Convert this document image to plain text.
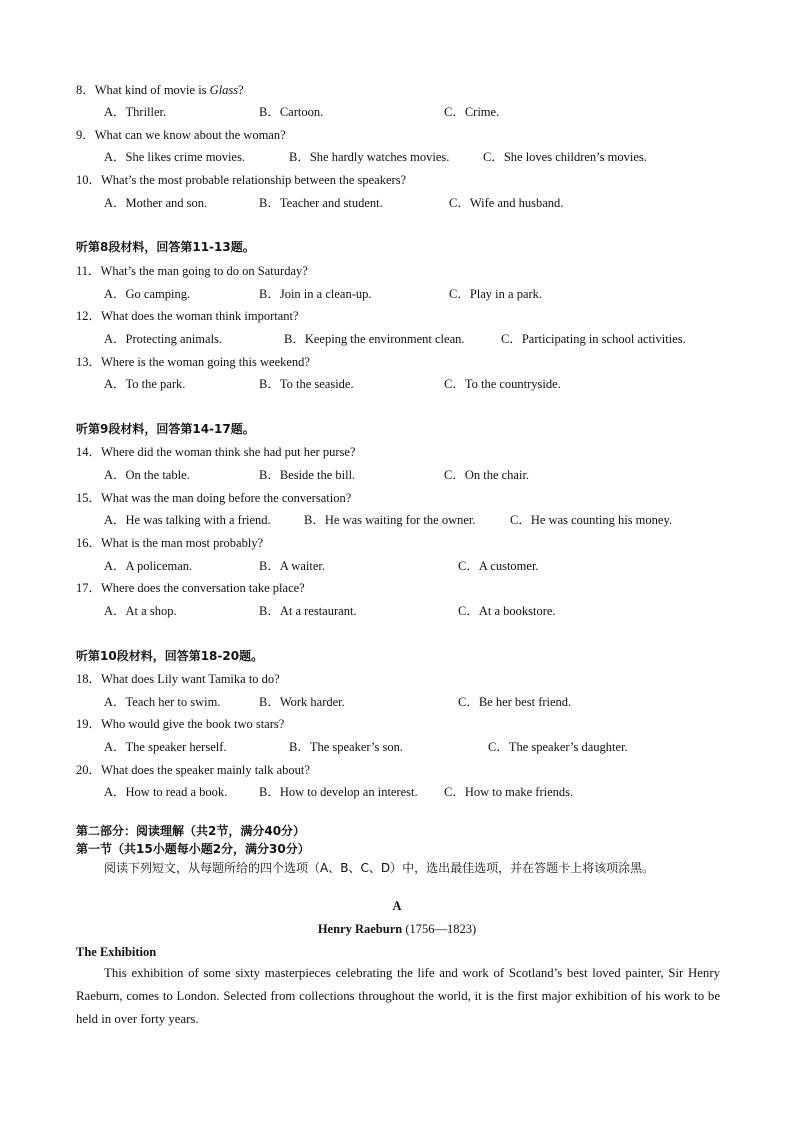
8．What kind of movie is Glass?
A．Thriller.	B．Cartoon.	C．Crime.
9．What can we know about the woman?
A．She likes crime movies.	B．She hardly watches movies.	C．She loves children’s movies.
10．What’s the most probable relationship between the speakers?
A．Mother and son.	B．Teacher and student.	C．Wife and husband.
听第8段材料，回答第11-13题。
11．What’s the man going to do on Saturday?
A．Go camping.	B．Join in a clean-up.	C．Play in a park.
12．What does the woman think important?
A．Protecting animals.	B．Keeping the environment clean.	C．Participating in school activities.
13．Where is the woman going this weekend?
A．To the park.	B．To the seaside.	C．To the countryside.
听第9段材料，回答第14-17题。
14．Where did the woman think she had put her purse?
A．On the table.	B．Beside the bill.	C．On the chair.
15．What was the man doing before the conversation?
A．He was talking with a friend.	B．He was waiting for the owner.	C．He was counting his money.
16．What is the man most probably?
A．A policeman.	B．A waiter.	C．A customer.
17．Where does the conversation take place?
A．At a shop.	B．At a restaurant.	C．At a bookstore.
听第10段材料，回答第18-20题。
18．What does Lily want Tamika to do?
A．Teach her to swim.	B．Work harder.	C．Be her best friend.
19．Who would give the book two stars?
A．The speaker herself.	B．The speaker’s son.	C．The speaker’s daughter.
20．What does the speaker mainly talk about?
A．How to read a book.	B．How to develop an interest. C．How to make friends.
第二部分：阅读理解（共2节，满分40分）
第一节（共15小题每小题2分，满分30分）
阅读下列短文，从每题所给的四个选项（A、B、C、D）中，选出最佳选项，并在答题卡上将该项涂黑。
A
Henry Raeburn (1756—1823)
The Exhibition
This exhibition of some sixty masterpieces celebrating the life and work of Scotland’s best loved painter, Sir Henry Raeburn, comes to London. Selected from collections throughout the world, it is the first major exhibition of his work to be held in over forty years.
